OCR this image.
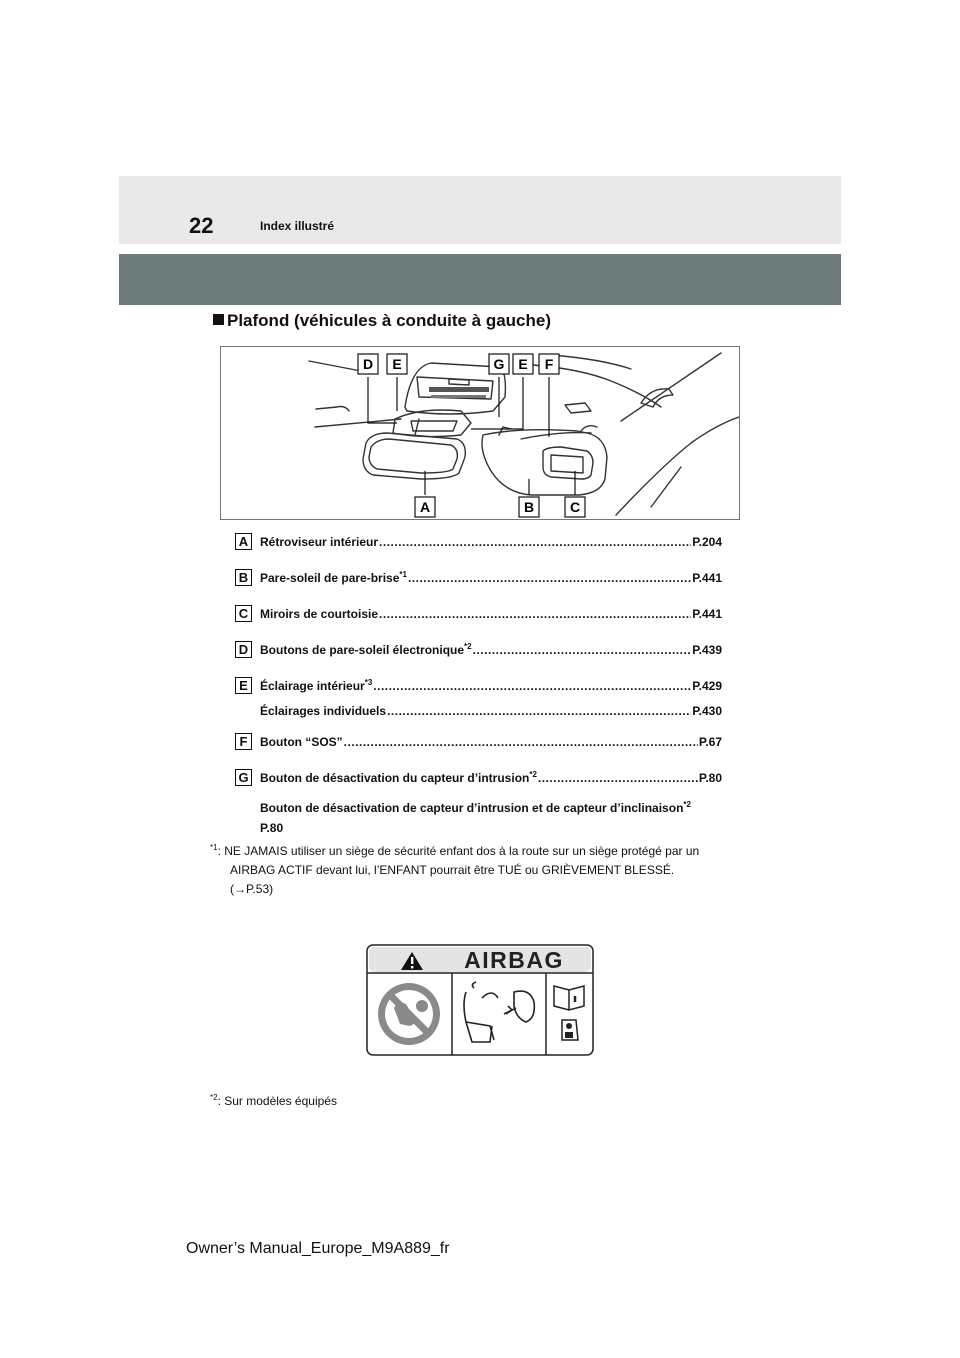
22	Index illustré
Plafond (véhicules à conduite à gauche)
D E	G E F
A	B	C
A Rétroviseur intérieur .....	P.204
B Pare-soleil de pare-brise$^{*1}$ .....	P.441
C Miroirs de courtoisie .....	P.441
D Boutons de pare-soleil électronique$^{*2}$ .....	P.439
E	Éclairage intérieur$^{*3}$ .....	P.429
Éclairages individuels .....	P.430
F	Bouton “SOS” .....	P.67
G Bouton de désactivation du capteur d’intrusion$^{*2}$ .....	P.80
Bouton de désactivation de capteur d’intrusion et de capteur d’inclinaison$^{*2}$
P.80
$^{*1}$: NE JAMAIS utiliser un siège de sécurité enfant dos à la route sur un siège protégé par un
AIRBAG ACTIF devant lui, l’ENFANT pourrait être TUÉ ou GRIÈVEMENT BLESSÉ.
(→P.53)
AIRBAG
$^{*2}$: Sur modèles équipés
Owner’s Manual_Europe_M9A889_fr
